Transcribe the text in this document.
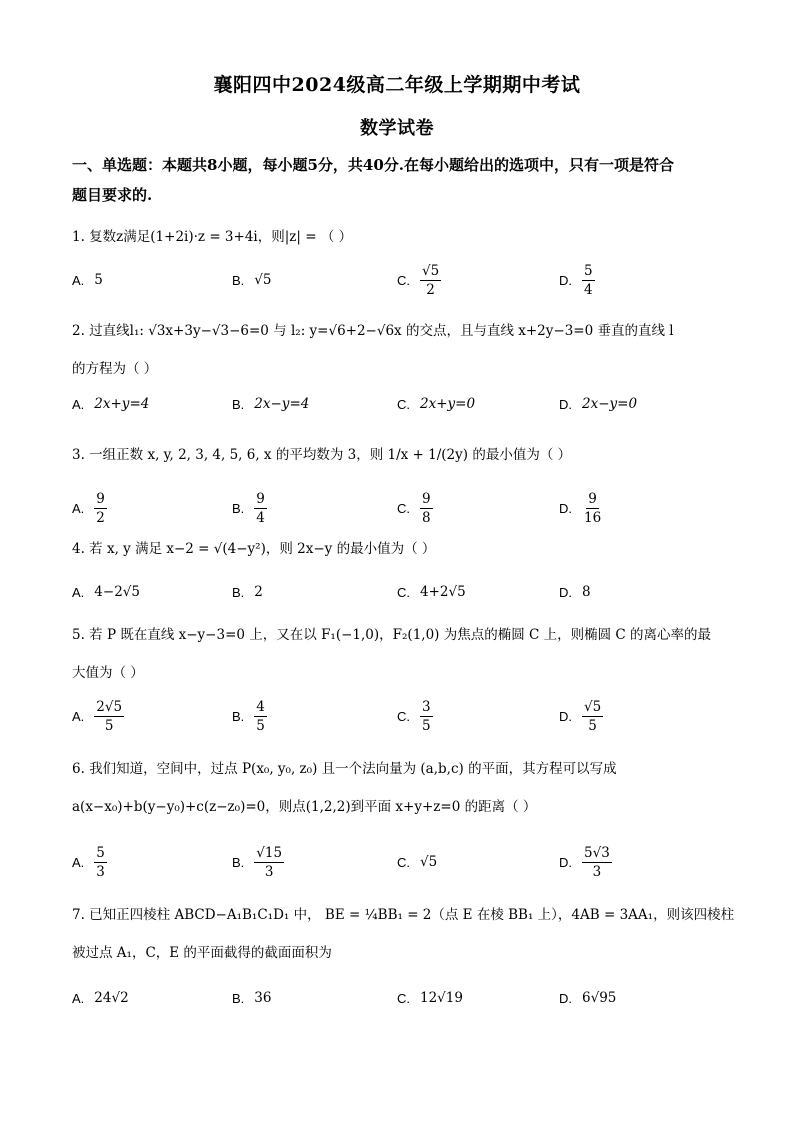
襄阳四中2024级高二年级上学期期中考试
数学试卷
一、单选题：本题共8小题，每小题5分，共40分.在每小题给出的选项中，只有一项是符合
题目要求的.
1. 复数z满足(1+2i)·z = 3+4i，则|z| = （ ）
A. 5	B. √5	C. $\frac{√5}{2}$	D. $\frac{5}{4}$
2. 过直线l₁: √3x+3y−√3−6=0 与 l₂: y=√6+2−√6x 的交点，且与直线 x+2y−3=0 垂直的直线 l
的方程为（ ）
A. 2x+y=4	B. 2x−y=4	C. 2x+y=0	D. 2x−y=0
3. 一组正数 x, y, 2, 3, 4, 5, 6, x 的平均数为 3，则 1/x + 1/(2y) 的最小值为（ ）
A. $\frac{9}{2}$	B. $\frac{9}{4}$	C. $\frac{9}{8}$	D. $\frac{9}{16}$
4. 若 x, y 满足 x−2 = √(4−y²)，则 2x−y 的最小值为（ ）
A. 4−2√5	B. 2	C. 4+2√5	D. 8
5. 若 P 既在直线 x−y−3=0 上，又在以 F₁(−1,0)，F₂(1,0) 为焦点的椭圆 C 上，则椭圆 C 的离心率的最
大值为（ ）
A. $\frac{2√5}{5}$	B. $\frac{4}{5}$	C. $\frac{3}{5}$	D. $\frac{√5}{5}$
6. 我们知道，空间中，过点 P(x₀, y₀, z₀) 且一个法向量为 (a,b,c) 的平面，其方程可以写成
a(x−x₀)+b(y−y₀)+c(z−z₀)=0，则点(1,2,2)到平面 x+y+z=0 的距离（ ）
A. $\frac{5}{3}$	B. $\frac{√15}{3}$	C. √5	D. $\frac{5√3}{3}$
7. 已知正四棱柱 ABCD−A₁B₁C₁D₁ 中， BE = ¼BB₁ = 2（点 E 在棱 BB₁ 上），4AB = 3AA₁，则该四棱柱
被过点 A₁，C，E 的平面截得的截面面积为
A. 24√2	B. 36	C. 12√19	D. 6√95
